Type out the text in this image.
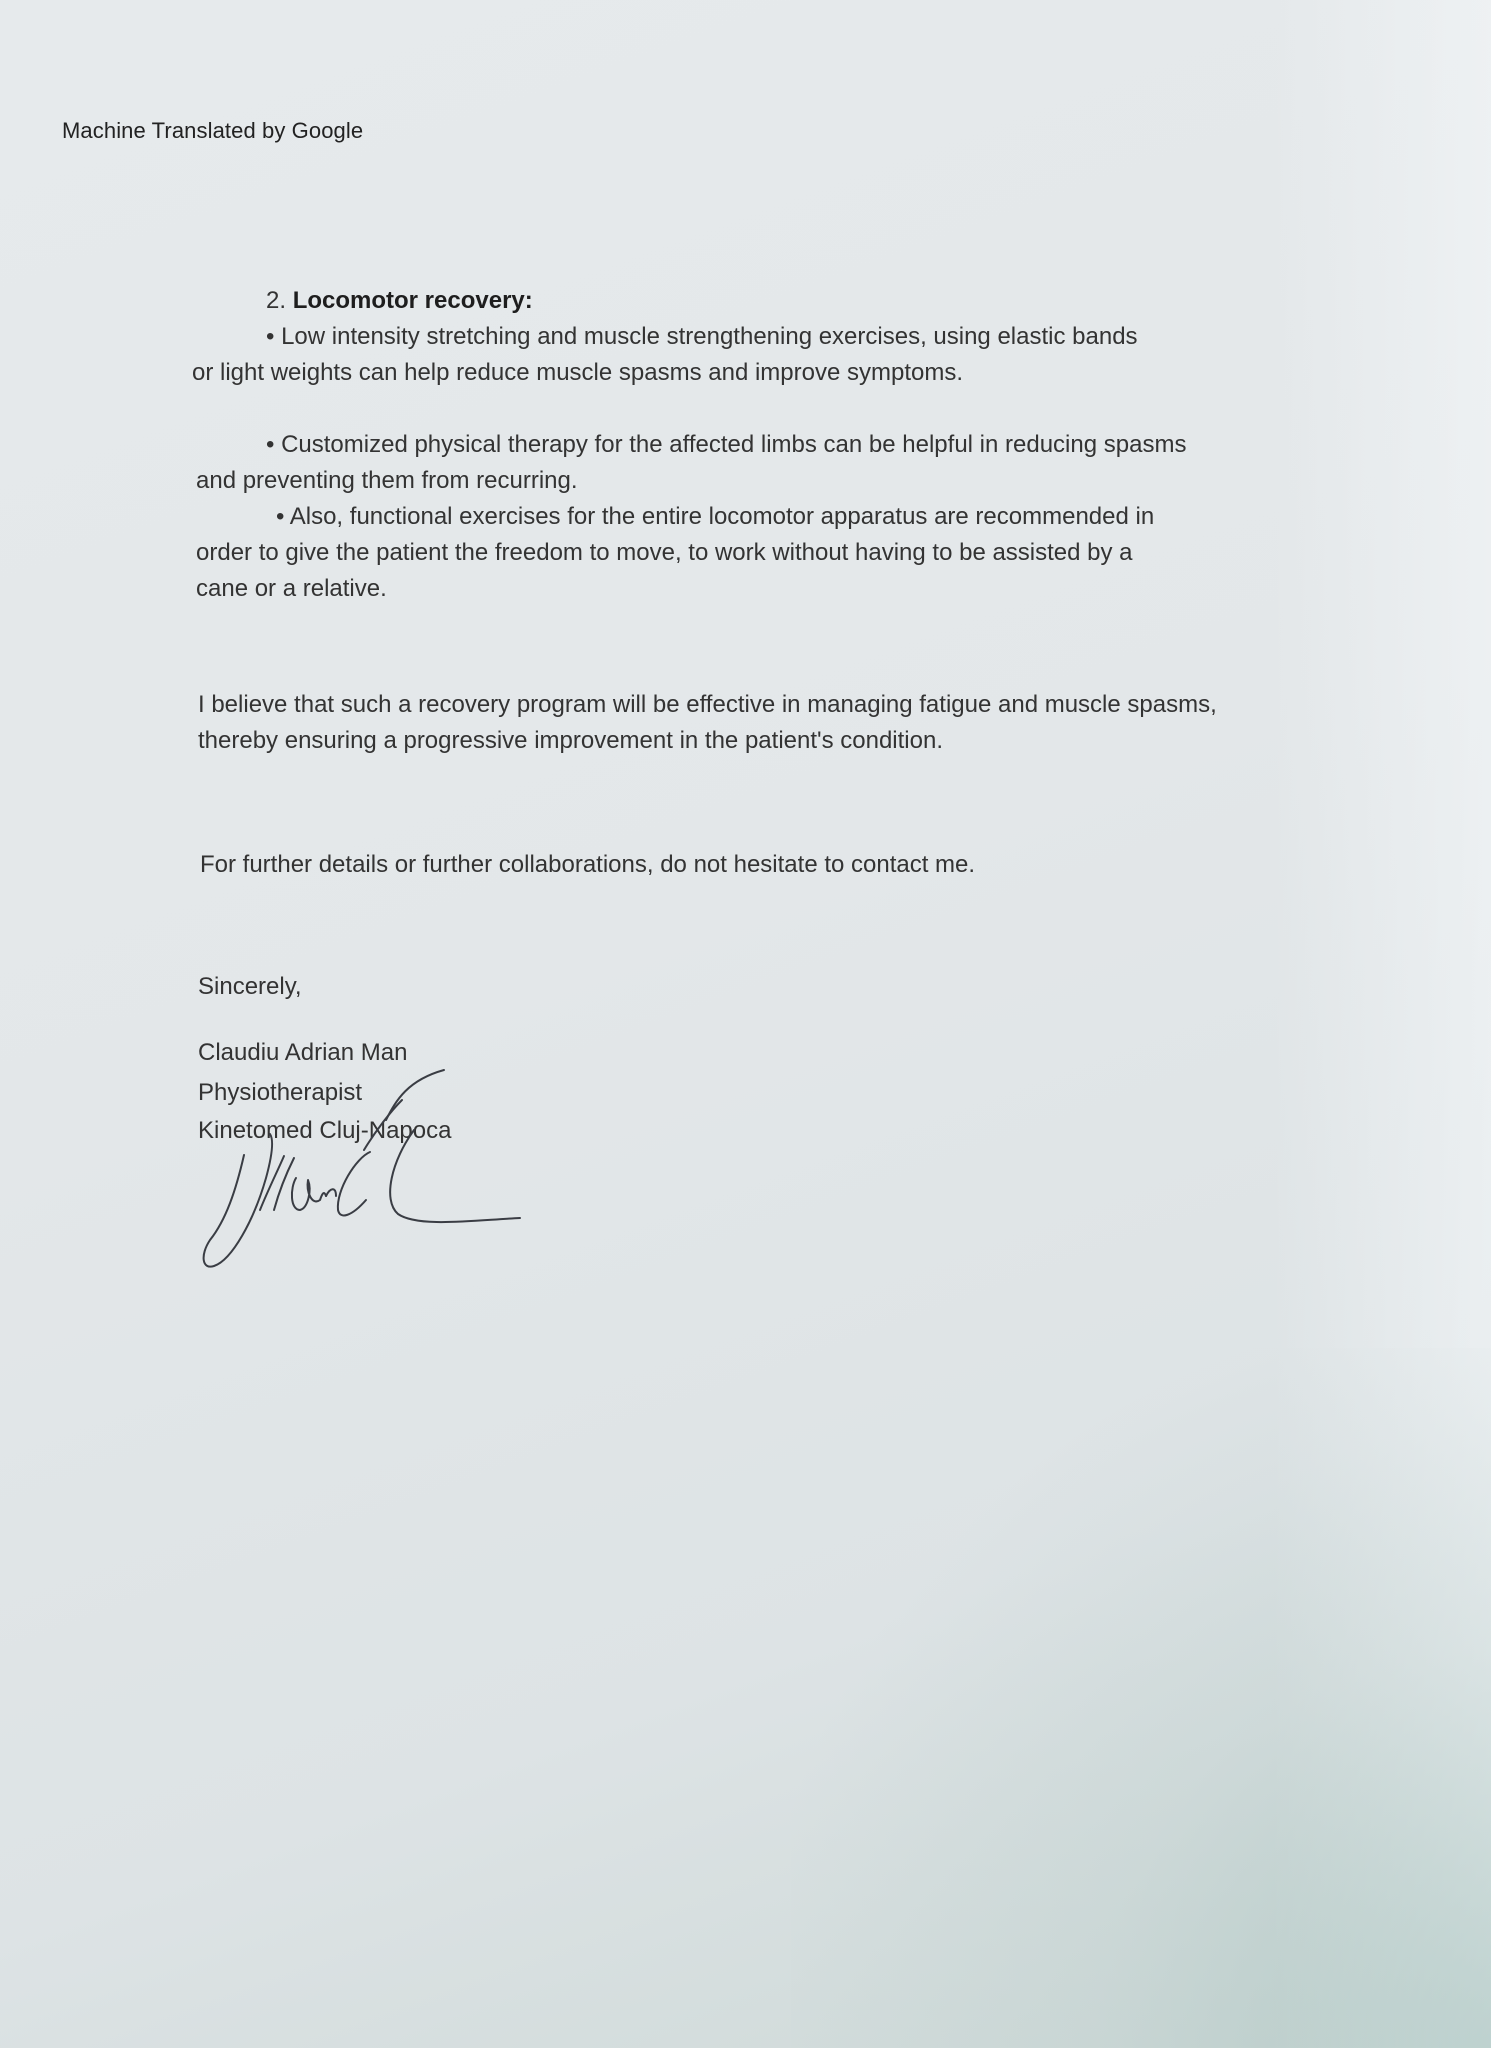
Machine Translated by Google
2. Locomotor recovery:
• Low intensity stretching and muscle strengthening exercises, using elastic bands
or light weights can help reduce muscle spasms and improve symptoms.
• Customized physical therapy for the affected limbs can be helpful in reducing spasms
and preventing them from recurring.
• Also, functional exercises for the entire locomotor apparatus are recommended in
order to give the patient the freedom to move, to work without having to be assisted by a
cane or a relative.
I believe that such a recovery program will be effective in managing fatigue and muscle spasms,
thereby ensuring a progressive improvement in the patient's condition.
For further details or further collaborations, do not hesitate to contact me.
Sincerely,
Claudiu Adrian Man
Physiotherapist
Kinetomed Cluj-Napoca
